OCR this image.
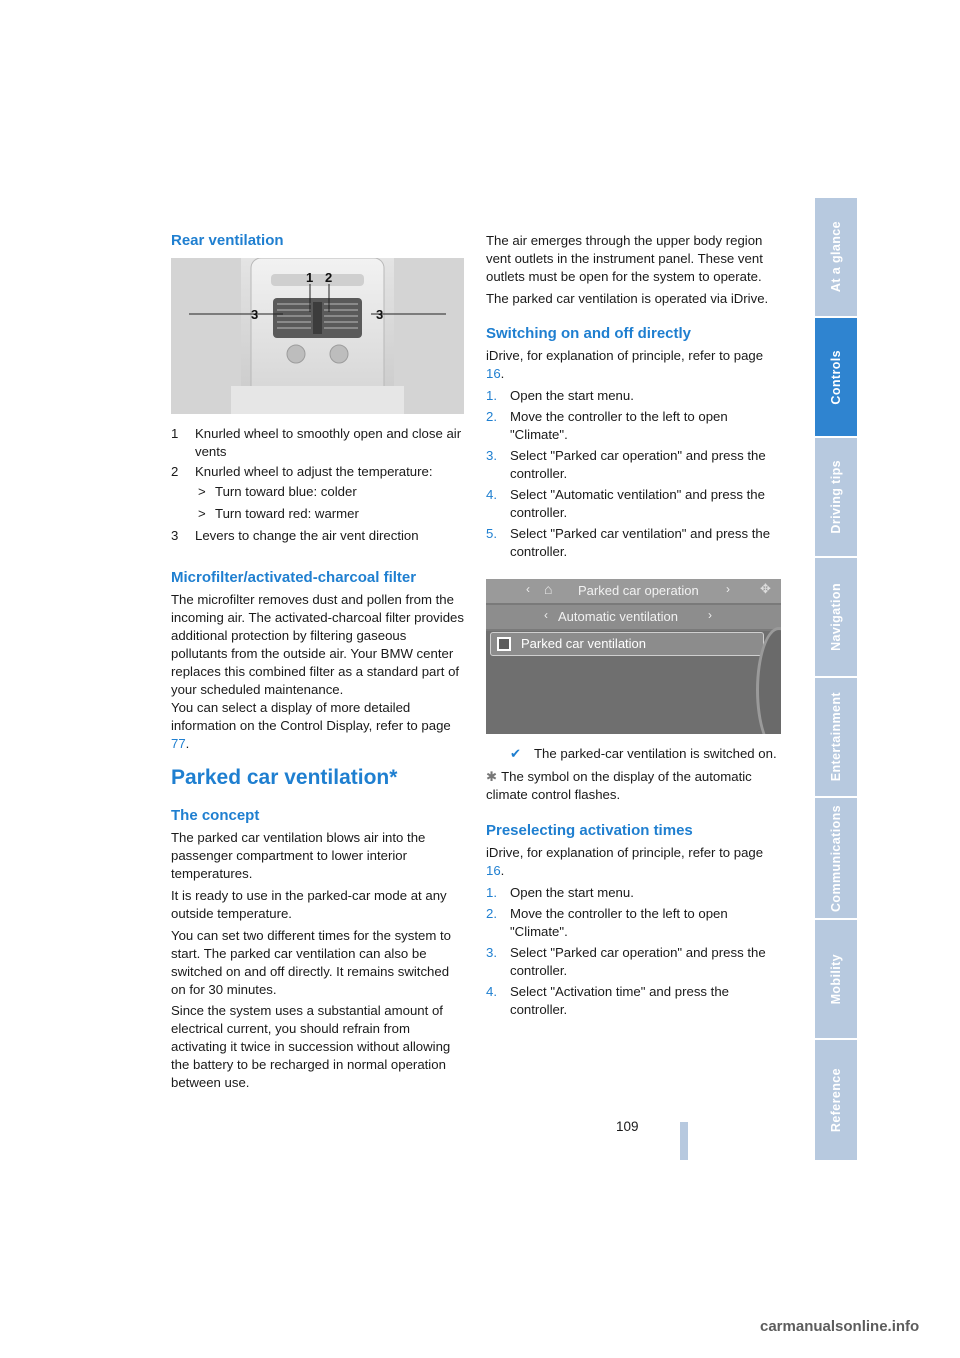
Rear ventilation
1 2
3	3
1 Knurled wheel to smoothly open and close air vents
2 Knurled wheel to adjust the temperature:
> Turn toward blue: colder
> Turn toward red: warmer
3 Levers to change the air vent direction
Microfilter/activated-charcoal filter

The microfilter removes dust and pollen from the incoming air. The activated-charcoal filter provides additional protection by filtering gaseous pollutants from the outside air. Your BMW center replaces this combined filter as a standard part of your scheduled maintenance.

You can select a display of more detailed information on the Control Display, refer to page 77.

Parked car ventilation*
The concept

The parked car ventilation blows air into the passenger compartment to lower interior temperatures.

It is ready to use in the parked-car mode at any outside temperature.

You can set two different times for the system to start. The parked car ventilation can also be switched on and off directly. It remains switched on for 30 minutes.

Since the system uses a substantial amount of electrical current, you should refrain from activating it twice in succession without allowing the battery to be recharged in normal operation between use.

The air emerges through the upper body region vent outlets in the instrument panel. These vent outlets must be open for the system to operate.

The parked car ventilation is operated via iDrive.

Switching on and off directly

iDrive, for explanation of principle, refer to page 16.

1. Open the start menu.
2. Move the controller to the left to open "Climate".
3. Select "Parked car operation" and press the controller.
4. Select "Automatic ventilation" and press the controller.
5. Select "Parked car ventilation" and press the controller.
‹ ⌂ Parked car operation › ✥
‹ Automatic ventilation	›
Parked car ventilation

✔ The parked-car ventilation is switched on.

✱ The symbol on the display of the automatic climate control flashes.

Preselecting activation times

iDrive, for explanation of principle, refer to page 16.

1. Open the start menu.
2. Move the controller to the left to open "Climate".
3. Select "Parked car operation" and press the controller.
4. Select "Activation time" and press the controller.
At a glance
Controls
Driving tips
Navigation
Entertainment
Communications
Mobility
Reference
109
carmanualsonline.info
